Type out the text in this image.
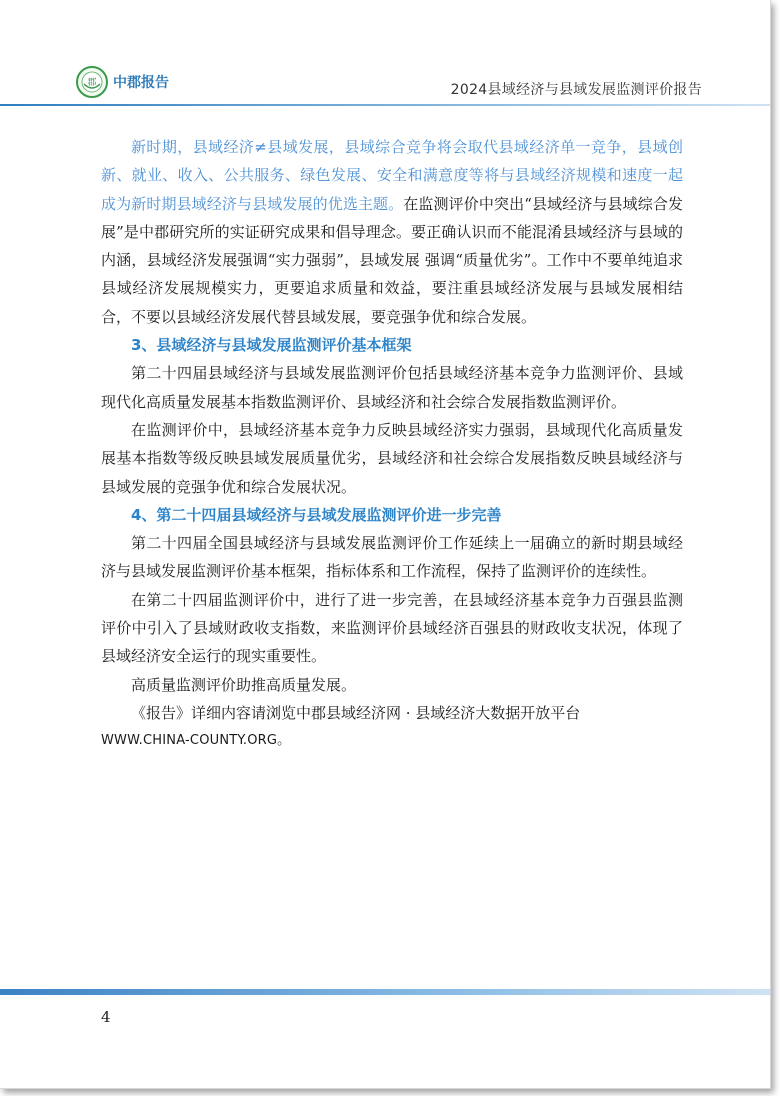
郡 中郡报告	2024县域经济与县域发展监测评价报告

新时期，县域经济≠县域发展，县域综合竞争将会取代县域经济单一竞争，县域创新、就业、收入、公共服务、绿色发展、安全和满意度等将与县域经济规模和速度一起成为新时期县域经济与县域发展的优选主题。在监测评价中突出“县域经济与县域综合发展”是中郡研究所的实证研究成果和倡导理念。要正确认识而不能混淆县域经济与县域的内涵，县域经济发展强调“实力强弱”，县域发展 强调“质量优劣”。工作中不要单纯追求县域经济发展规模实力，更要追求质量和效益，要注重县域经济发展与县域发展相结合，不要以县域经济发展代替县域发展，要竞强争优和综合发展。

3、县域经济与县域发展监测评价基本框架

第二十四届县域经济与县域发展监测评价包括县域经济基本竞争力监测评价、县域现代化高质量发展基本指数监测评价、县域经济和社会综合发展指数监测评价。

在监测评价中，县域经济基本竞争力反映县域经济实力强弱，县域现代化高质量发展基本指数等级反映县域发展质量优劣，县域经济和社会综合发展指数反映县域经济与县域发展的竞强争优和综合发展状况。

4、第二十四届县域经济与县域发展监测评价进一步完善

第二十四届全国县域经济与县域发展监测评价工作延续上一届确立的新时期县域经济与县域发展监测评价基本框架，指标体系和工作流程，保持了监测评价的连续性。

在第二十四届监测评价中，进行了进一步完善，在县域经济基本竞争力百强县监测评价中引入了县域财政收支指数，来监测评价县域经济百强县的财政收支状况，体现了县域经济安全运行的现实重要性。

高质量监测评价助推高质量发展。

《报告》详细内容请浏览中郡县域经济网 · 县域经济大数据开放平台

WWW.CHINA-COUNTY.ORG。
4
